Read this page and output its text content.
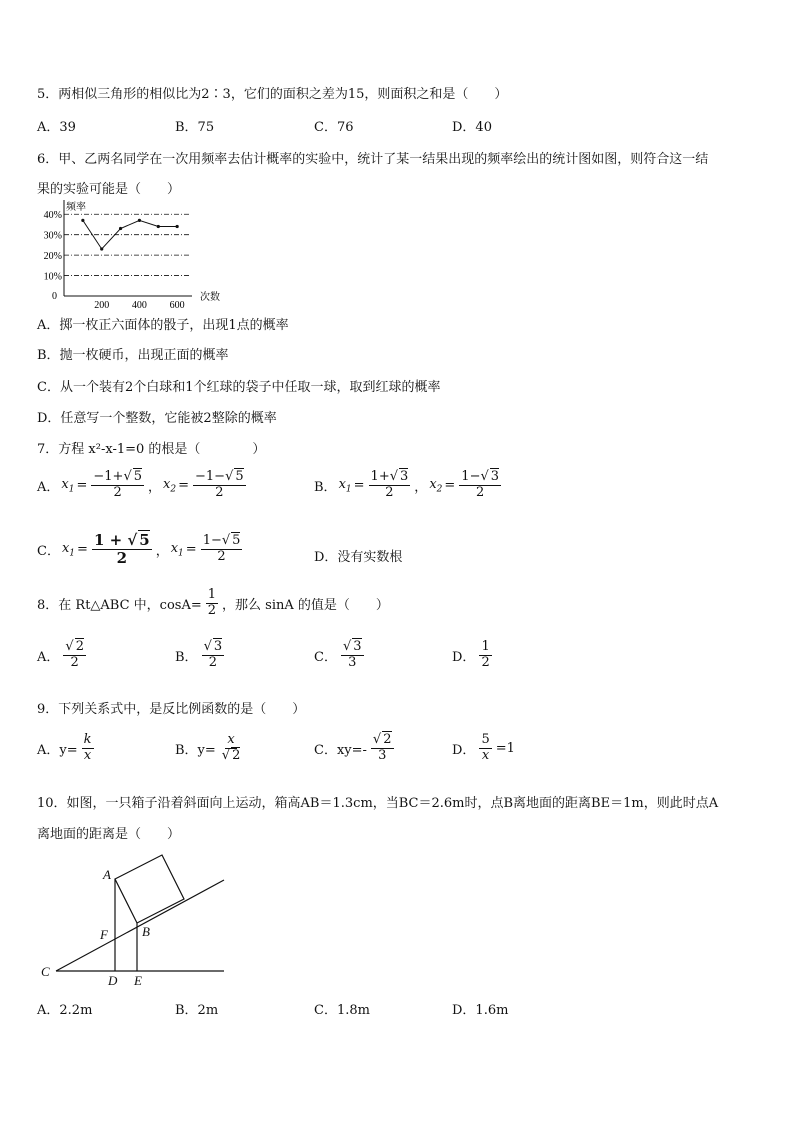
5．两相似三角形的相似比为2∶3，它们的面积之差为15，则面积之和是（　　）
A．39	B．75	C．76	D．40
6．甲、乙两名同学在一次用频率去估计概率的实验中，统计了某一结果出现的频率绘出的统计图如图，则符合这一结
果的实验可能是（　　）
40%
30%
20%
10%
200 400 600
0
频率
次数
A．掷一枚正六面体的骰子，出现1点的概率
B．抛一枚硬币，出现正面的概率
C．从一个装有2个白球和1个红球的袋子中任取一球，取到红球的概率
D．任意写一个整数，它能被2整除的概率
7．方程 x²-x-1=0 的根是（　　　　）
A． $x_1 = \frac{-1+√ 5}{2}$ ， $x_2 = \frac{-1-√ 5}{2}$	B． $x_1 = \frac{1+√ 3}{2}$ ， $x_2 = \frac{1-√ 3}{2}$
C． $x_1 = \frac{1 + √ 5}{2}$ ， $x_1 = \frac{1-√ 5}{2}$	D．没有实数根
8．在 Rt△ABC 中，$\cos A= \frac{1}{2}$ ，那么 sinA 的值是（　　）
A． $\frac{√ 2}{2}$	B． $\frac{√ 3}{2}$	C． $\frac{√ 3}{3}$	D． $\frac{1}{2}$
9．下列关系式中，是反比例函数的是（　　）
A．$y= \frac{k}{x}$	B．$y= \frac{x}{√ 2}$	C．$xy=- \frac{√ 2}{3}$	D． $\frac{5}{x} =1$
10．如图，一只箱子沿着斜面向上运动，箱高AB＝1.3cm，当BC＝2.6m时，点B离地面的距离BE＝1m，则此时点A
离地面的距离是（　　）
A
B
C
D E
F
A．2.2m	B．2m	C．1.8m	D．1.6m
